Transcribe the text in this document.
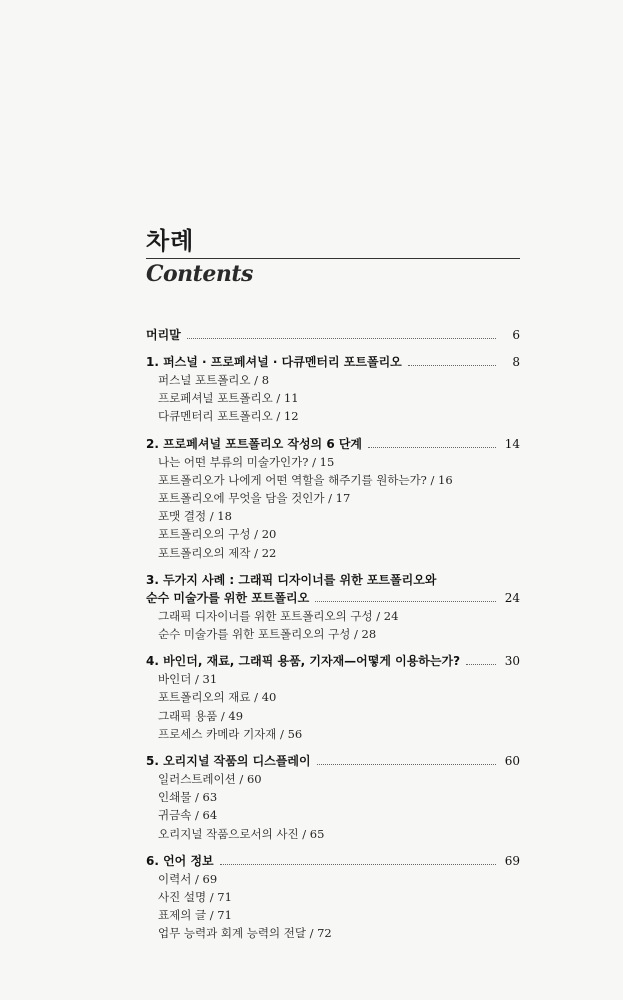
차례
Contents
머리말	6
1. 퍼스널 · 프로페셔널 · 다큐멘터리 포트폴리오	8
퍼스널 포트폴리오 / 8
프로페셔널 포트폴리오 / 11
다큐멘터리 포트폴리오 / 12
2. 프로페셔널 포트폴리오 작성의 6 단계	14
나는 어떤 부류의 미술가인가? / 15
포트폴리오가 나에게 어떤 역할을 해주기를 원하는가? / 16
포트폴리오에 무엇을 담을 것인가 / 17
포맷 결정 / 18
포트폴리오의 구성 / 20
포트폴리오의 제작 / 22
3. 두가지 사례 : 그래픽 디자이너를 위한 포트폴리오와
순수 미술가를 위한 포트폴리오	24
그래픽 디자이너를 위한 포트폴리오의 구성 / 24
순수 미술가를 위한 포트폴리오의 구성 / 28
4. 바인더, 재료, 그래픽 용품, 기자재—어떻게 이용하는가?	30
바인더 / 31
포트폴리오의 재료 / 40
그래픽 용품 / 49
프로세스 카메라 기자재 / 56
5. 오리지널 작품의 디스플레이	60
일러스트레이션 / 60
인쇄물 / 63
귀금속 / 64
오리지널 작품으로서의 사진 / 65
6. 언어 정보	69
이력서 / 69
사진 설명 / 71
표제의 글 / 71
업무 능력과 회계 능력의 전달 / 72
